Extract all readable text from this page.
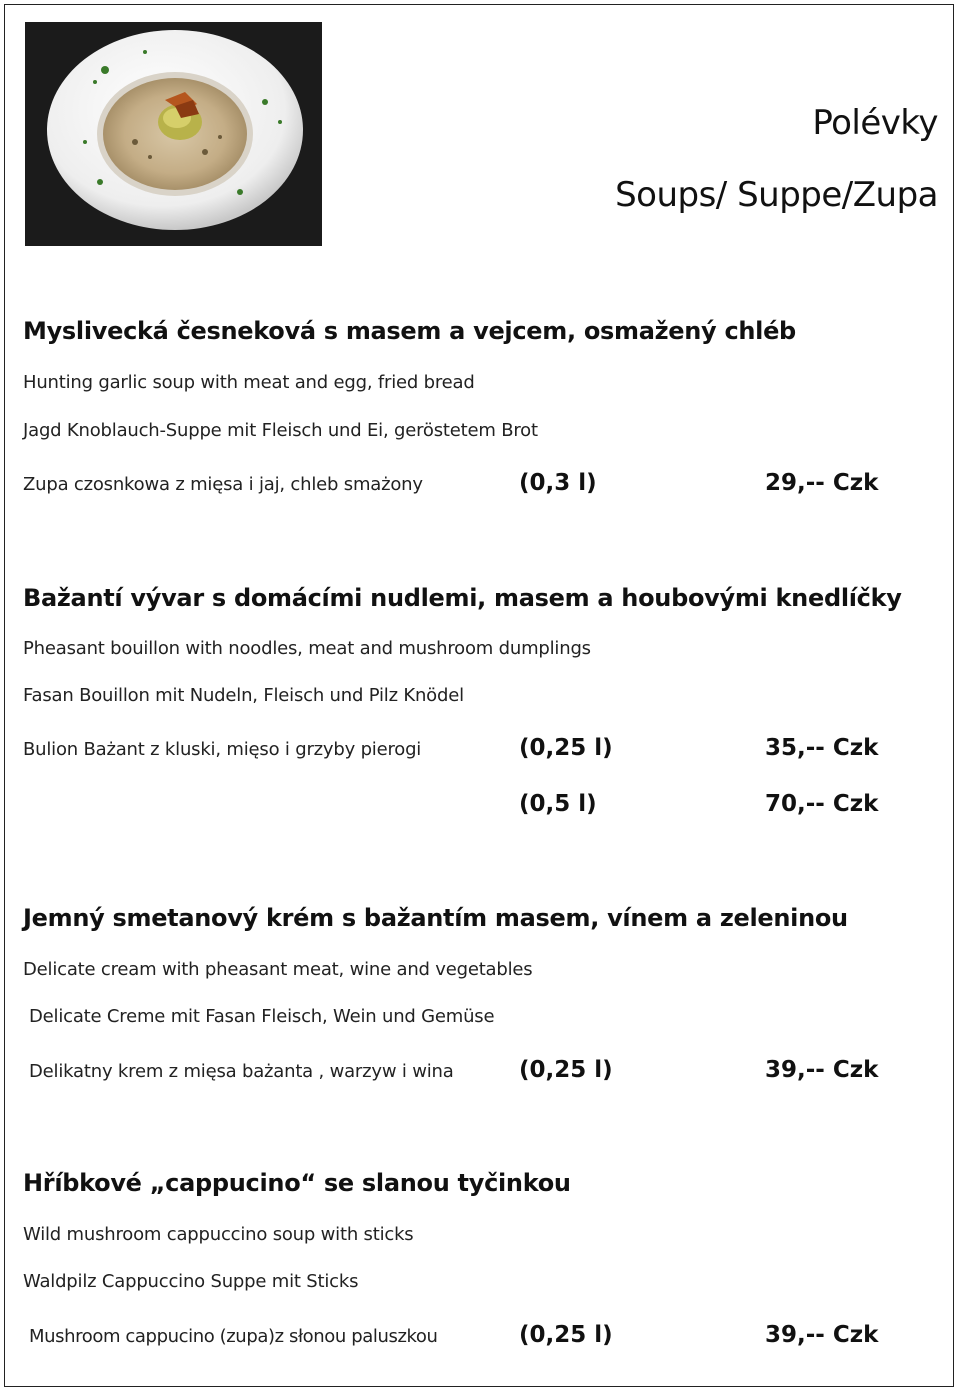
Polévky
Soups/ Suppe/Zupa
Myslivecká česneková s masem a vejcem, osmažený chléb
Hunting garlic soup with meat and egg, fried bread
Jagd Knoblauch-Suppe mit Fleisch und Ei, geröstetem Brot
Zupa czosnkowa z mięsa i jaj, chleb smażony	(0,3 l)	29,-- Czk
Bažantí vývar s domácími nudlemi, masem a houbovými knedlíčky
Pheasant bouillon with noodles, meat and mushroom dumplings
Fasan Bouillon mit Nudeln, Fleisch und Pilz Knödel
Bulion Bażant z kluski, mięso i grzyby pierogi	(0,25 l)	35,-- Czk
(0,5 l)	70,-- Czk
Jemný smetanový krém s bažantím masem, vínem a zeleninou
Delicate cream with pheasant meat, wine and vegetables
Delicate Creme mit Fasan Fleisch, Wein und Gemüse
Delikatny krem z mięsa bażanta , warzyw i wina	(0,25 l)	39,-- Czk
Hříbkové „cappucino“ se slanou tyčinkou
Wild mushroom cappuccino soup with sticks
Waldpilz Cappuccino Suppe mit Sticks
Mushroom cappucino (zupa)z słonou paluszkou	(0,25 l)	39,-- Czk
